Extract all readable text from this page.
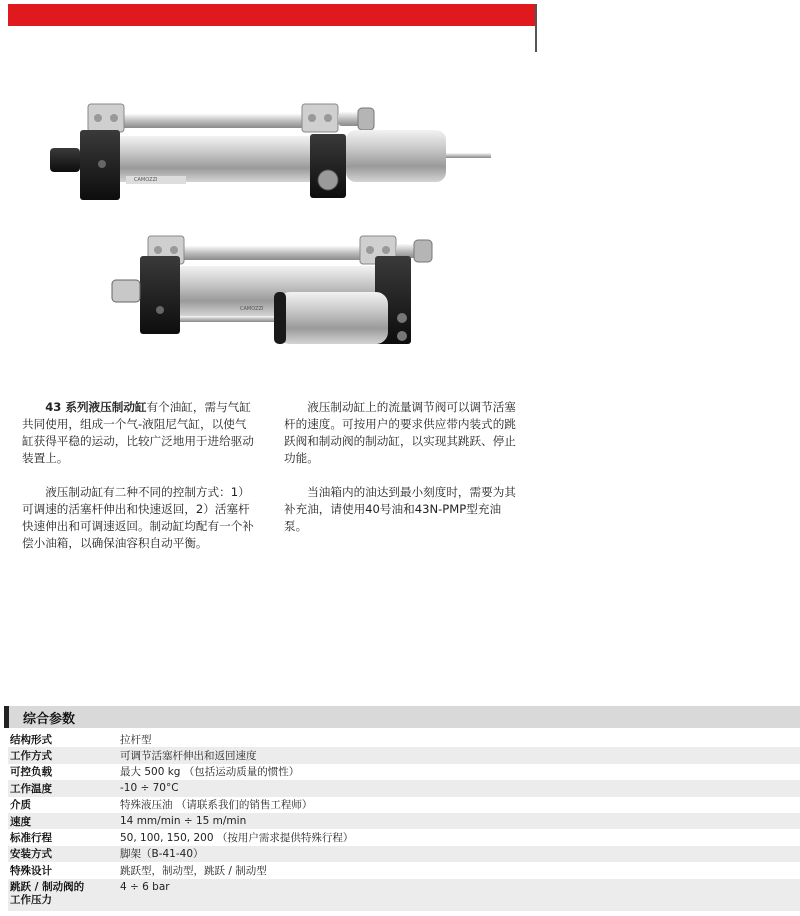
CAMOZZI
CAMOZZI

43 系列液压制动缸有个油缸，需与气缸共同使用，组成一个气-液阻尼气缸，以使气缸获得平稳的运动，比较广泛地用于进给驱动装置上。

液压制动缸有二种不同的控制方式：1）可调速的活塞杆伸出和快速返回，2）活塞杆快速伸出和可调速返回。制动缸均配有一个补偿小油箱，以确保油容积自动平衡。

液压制动缸上的流量调节阀可以调节活塞杆的速度。可按用户的要求供应带内装式的跳跃阀和制动阀的制动缸，以实现其跳跃、停止功能。

当油箱内的油达到最小刻度时，需要为其补充油，请使用40号油和43N-PMP型充油泵。

综合参数
结构形式	拉杆型
工作方式	可调节活塞杆伸出和返回速度
可控负载	最大 500 kg （包括运动质量的惯性）
工作温度	-10 ÷ 70°C
介质	特殊液压油 （请联系我们的销售工程师）
速度	14 mm/min ÷ 15 m/min
标准行程	50, 100, 150, 200 （按用户需求提供特殊行程）
安装方式	脚架（B-41-40）
特殊设计	跳跃型，制动型，跳跃 / 制动型
跳跃 / 制动阀的
工作压力	4 ÷ 6 bar
